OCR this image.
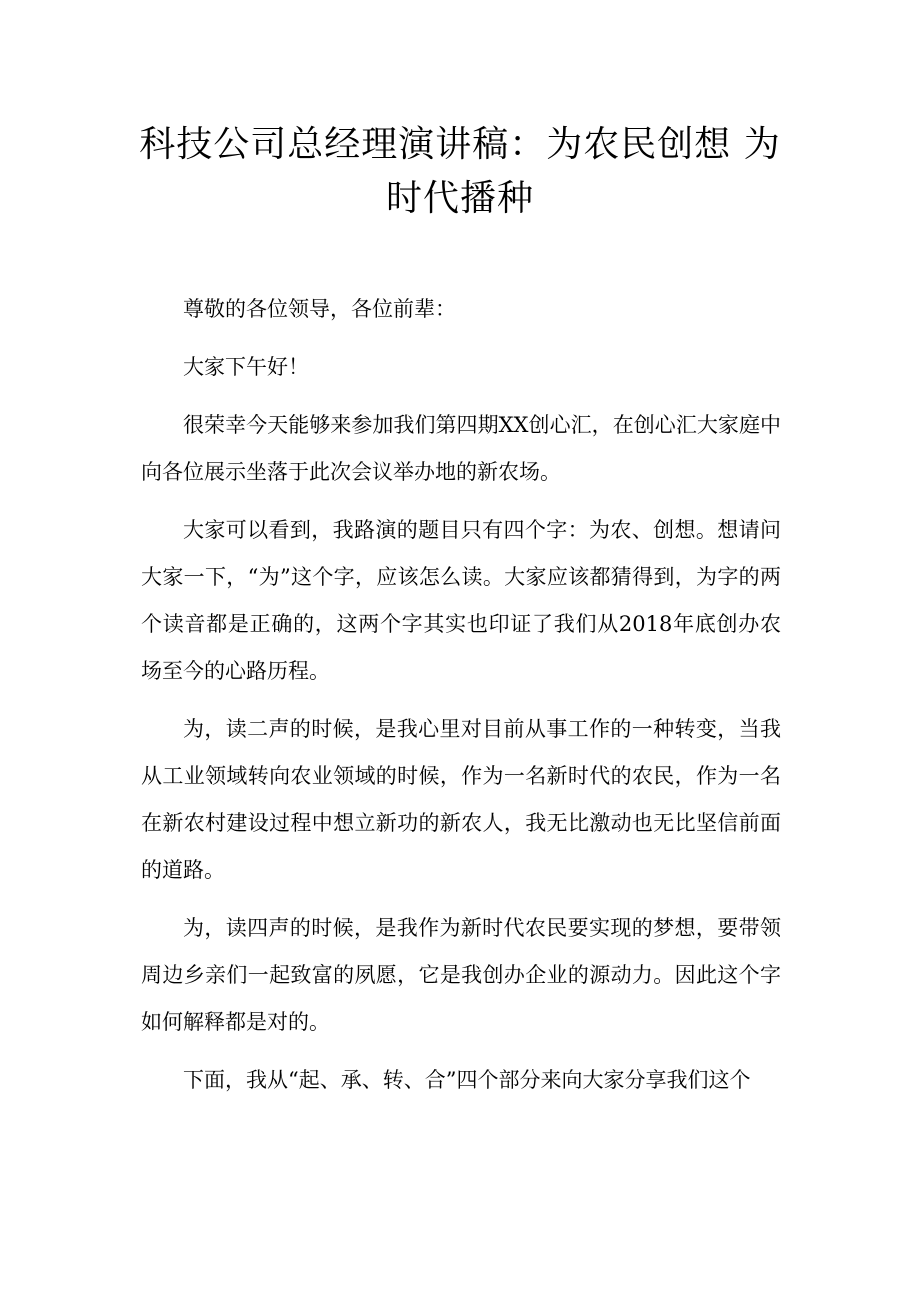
科技公司总经理演讲稿：为农民创想 为时代播种

尊敬的各位领导，各位前辈：

大家下午好！

很荣幸今天能够来参加我们第四期XX创心汇，在创心汇大家庭中向各位展示坐落于此次会议举办地的新农场。

大家可以看到，我路演的题目只有四个字：为农、创想。想请问大家一下，“为”这个字，应该怎么读。大家应该都猜得到，为字的两个读音都是正确的，这两个字其实也印证了我们从2018年底创办农场至今的心路历程。

为，读二声的时候，是我心里对目前从事工作的一种转变，当我从工业领域转向农业领域的时候，作为一名新时代的农民，作为一名在新农村建设过程中想立新功的新农人，我无比激动也无比坚信前面的道路。

为，读四声的时候，是我作为新时代农民要实现的梦想，要带领周边乡亲们一起致富的夙愿，它是我创办企业的源动力。因此这个字如何解释都是对的。

下面，我从“起、承、转、合”四个部分来向大家分享我们这个
